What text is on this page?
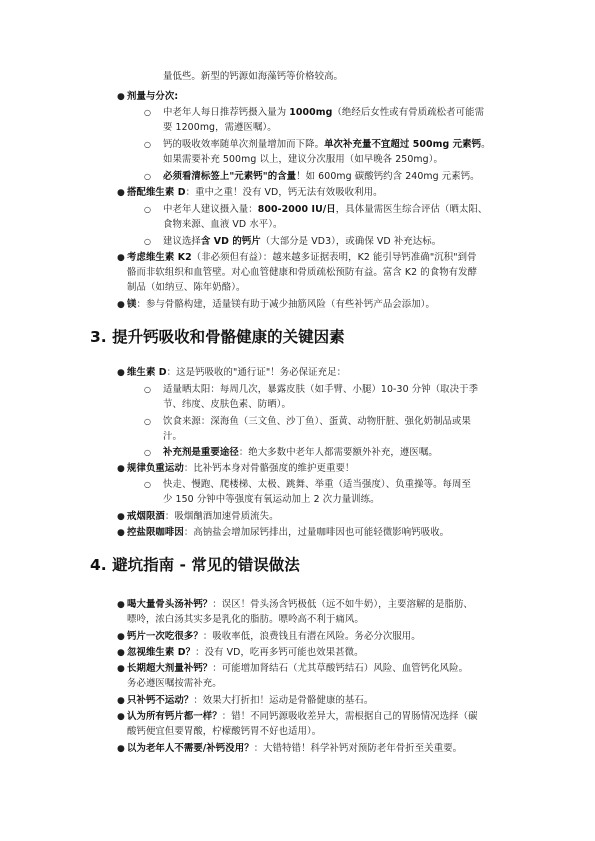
量低些。新型的钙源如海藻钙等价格较高。
● 剂量与分次:
○ 中老年人每日推荐钙摄入量为 1000mg（绝经后女性或有骨质疏松者可能需
要 1200mg，需遵医嘱）。
○ 钙的吸收效率随单次剂量增加而下降。单次补充量不宜超过 500mg 元素钙。
如果需要补充 500mg 以上，建议分次服用（如早晚各 250mg）。
○ 必须看清标签上"元素钙"的含量！如 600mg 碳酸钙约含 240mg 元素钙。
● 搭配维生素 D：重中之重！没有 VD，钙无法有效吸收利用。
○ 中老年人建议摄入量：800-2000 IU/日，具体量需医生综合评估（晒太阳、
食物来源、血液 VD 水平）。
○ 建议选择含 VD 的钙片（大部分是 VD3），或确保 VD 补充达标。
● 考虑维生素 K2（非必须但有益）：越来越多证据表明，K2 能引导钙准确"沉积"到骨
骼而非软组织和血管壁。对心血管健康和骨质疏松预防有益。富含 K2 的食物有发酵
制品（如纳豆、陈年奶酪）。
● 镁：参与骨骼构建，适量镁有助于减少抽筋风险（有些补钙产品会添加）。
3. 提升钙吸收和骨骼健康的关键因素
● 维生素 D：这是钙吸收的"通行证"！务必保证充足：
○ 适量晒太阳：每周几次，暴露皮肤（如手臂、小腿）10-30 分钟（取决于季
节、纬度、皮肤色素、防晒）。
○ 饮食来源：深海鱼（三文鱼、沙丁鱼）、蛋黄、动物肝脏、强化奶制品或果
汁。
○ 补充剂是重要途径：绝大多数中老年人都需要额外补充，遵医嘱。
● 规律负重运动：比补钙本身对骨骼强度的维护更重要！
○ 快走、慢跑、爬楼梯、太极、跳舞、举重（适当强度）、负重操等。每周至
少 150 分钟中等强度有氧运动加上 2 次力量训练。
● 戒烟限酒：吸烟酗酒加速骨质流失。
● 控盐限咖啡因：高钠盐会增加尿钙排出，过量咖啡因也可能轻微影响钙吸收。
4. 避坑指南 - 常见的错误做法
● 喝大量骨头汤补钙？：误区！骨头汤含钙极低（远不如牛奶），主要溶解的是脂肪、
嘌呤，浓白汤其实多是乳化的脂肪。嘌呤高不利于痛风。
● 钙片一次吃很多？：吸收率低，浪费钱且有潜在风险。务必分次服用。
● 忽视维生素 D？：没有 VD，吃再多钙可能也效果甚微。
● 长期超大剂量补钙？：可能增加肾结石（尤其草酸钙结石）风险、血管钙化风险。
务必遵医嘱按需补充。
● 只补钙不运动？：效果大打折扣！运动是骨骼健康的基石。
● 认为所有钙片都一样？：错！不同钙源吸收差异大，需根据自己的胃肠情况选择（碳
酸钙便宜但要胃酸，柠檬酸钙胃不好也适用）。
● 以为老年人不需要/补钙没用？：大错特错！科学补钙对预防老年骨折至关重要。
